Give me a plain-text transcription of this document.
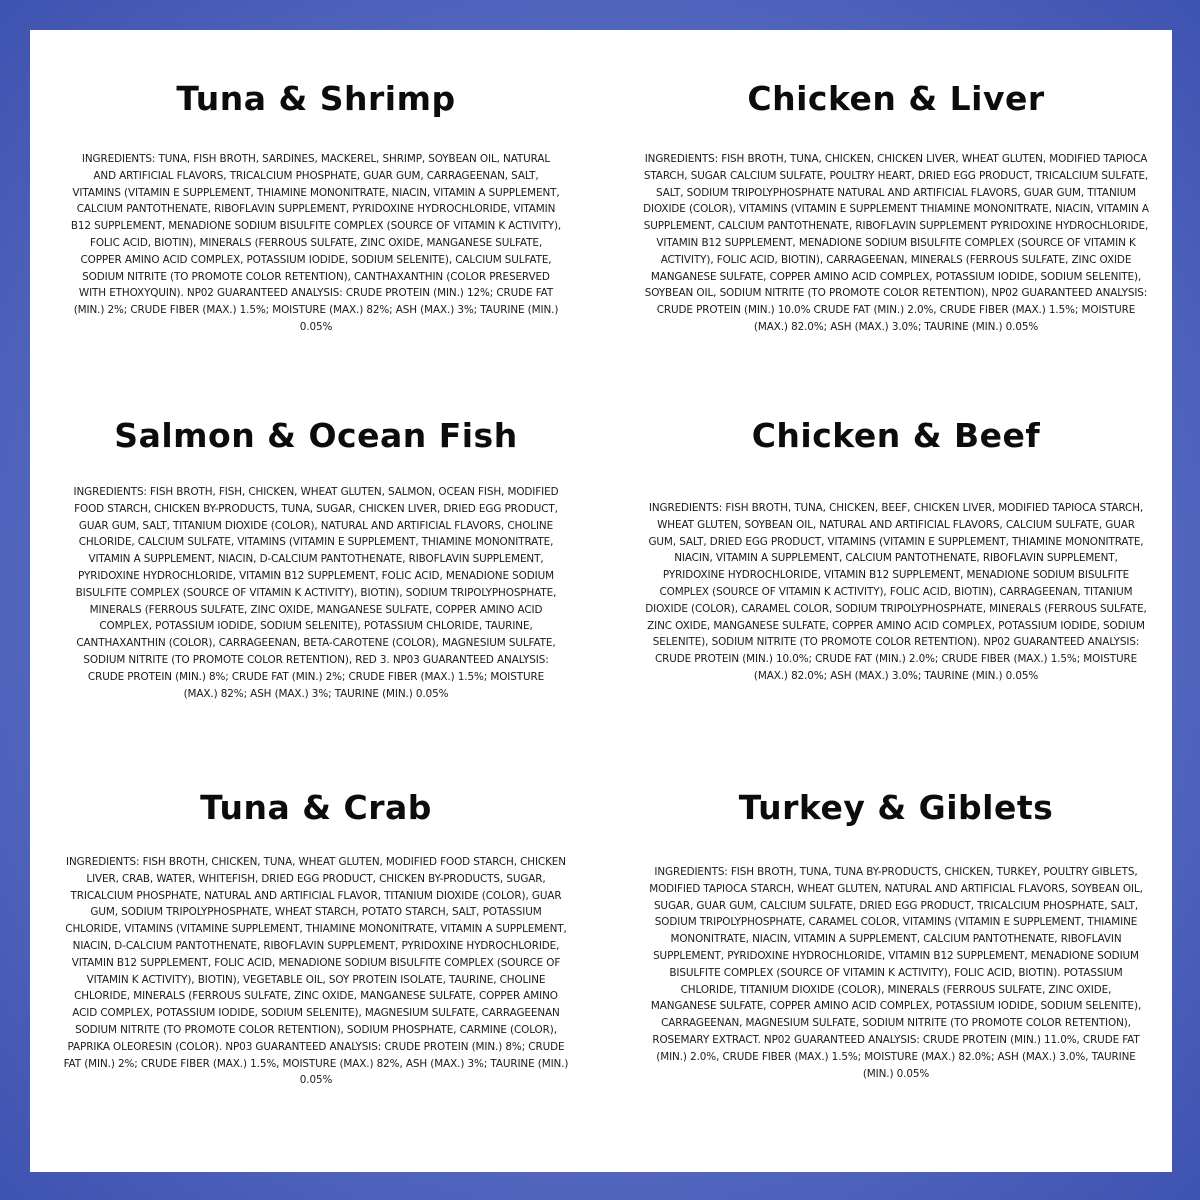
Tuna & Shrimp

INGREDIENTS: TUNA, FISH BROTH, SARDINES, MACKEREL, SHRIMP, SOYBEAN OIL, NATURAL AND ARTIFICIAL FLAVORS, TRICALCIUM PHOSPHATE, GUAR GUM, CARRAGEENAN, SALT, VITAMINS (VITAMIN E SUPPLEMENT, THIAMINE MONONITRATE, NIACIN, VITAMIN A SUPPLEMENT, CALCIUM PANTOTHENATE, RIBOFLAVIN SUPPLEMENT, PYRIDOXINE HYDROCHLORIDE, VITAMIN B12 SUPPLEMENT, MENADIONE SODIUM BISULFITE COMPLEX (SOURCE OF VITAMIN K ACTIVITY), FOLIC ACID, BIOTIN), MINERALS (FERROUS SULFATE, ZINC OXIDE, MANGANESE SULFATE, COPPER AMINO ACID COMPLEX, POTASSIUM IODIDE, SODIUM SELENITE), CALCIUM SULFATE, SODIUM NITRITE (TO PROMOTE COLOR RETENTION), CANTHAXANTHIN (COLOR PRESERVED WITH ETHOXYQUIN). NP02 GUARANTEED ANALYSIS: CRUDE PROTEIN (MIN.) 12%; CRUDE FAT (MIN.) 2%; CRUDE FIBER (MAX.) 1.5%; MOISTURE (MAX.) 82%; ASH (MAX.) 3%; TAURINE (MIN.) 0.05%

Chicken & Liver

INGREDIENTS: FISH BROTH, TUNA, CHICKEN, CHICKEN LIVER, WHEAT GLUTEN, MODIFIED TAPIOCA STARCH, SUGAR CALCIUM SULFATE, POULTRY HEART, DRIED EGG PRODUCT, TRICALCIUM SULFATE, SALT, SODIUM TRIPOLYPHOSPHATE NATURAL AND ARTIFICIAL FLAVORS, GUAR GUM, TITANIUM DIOXIDE (COLOR), VITAMINS (VITAMIN E SUPPLEMENT THIAMINE MONONITRATE, NIACIN, VITAMIN A SUPPLEMENT, CALCIUM PANTOTHENATE, RIBOFLAVIN SUPPLEMENT PYRIDOXINE HYDROCHLORIDE, VITAMIN B12 SUPPLEMENT, MENADIONE SODIUM BISULFITE COMPLEX (SOURCE OF VITAMIN K ACTIVITY), FOLIC ACID, BIOTIN), CARRAGEENAN, MINERALS (FERROUS SULFATE, ZINC OXIDE MANGANESE SULFATE, COPPER AMINO ACID COMPLEX, POTASSIUM IODIDE, SODIUM SELENITE), SOYBEAN OIL, SODIUM NITRITE (TO PROMOTE COLOR RETENTION), NP02 GUARANTEED ANALYSIS: CRUDE PROTEIN (MIN.) 10.0% CRUDE FAT (MIN.) 2.0%, CRUDE FIBER (MAX.) 1.5%; MOISTURE (MAX.) 82.0%; ASH (MAX.) 3.0%; TAURINE (MIN.) 0.05%

Salmon & Ocean Fish

INGREDIENTS: FISH BROTH, FISH, CHICKEN, WHEAT GLUTEN, SALMON, OCEAN FISH, MODIFIED FOOD STARCH, CHICKEN BY-PRODUCTS, TUNA, SUGAR, CHICKEN LIVER, DRIED EGG PRODUCT, GUAR GUM, SALT, TITANIUM DIOXIDE (COLOR), NATURAL AND ARTIFICIAL FLAVORS, CHOLINE CHLORIDE, CALCIUM SULFATE, VITAMINS (VITAMIN E SUPPLEMENT, THIAMINE MONONITRATE, VITAMIN A SUPPLEMENT, NIACIN, D-CALCIUM PANTOTHENATE, RIBOFLAVIN SUPPLEMENT, PYRIDOXINE HYDROCHLORIDE, VITAMIN B12 SUPPLEMENT, FOLIC ACID, MENADIONE SODIUM BISULFITE COMPLEX (SOURCE OF VITAMIN K ACTIVITY), BIOTIN), SODIUM TRIPOLYPHOSPHATE, MINERALS (FERROUS SULFATE, ZINC OXIDE, MANGANESE SULFATE, COPPER AMINO ACID COMPLEX, POTASSIUM IODIDE, SODIUM SELENITE), POTASSIUM CHLORIDE, TAURINE, CANTHAXANTHIN (COLOR), CARRAGEENAN, BETA-CAROTENE (COLOR), MAGNESIUM SULFATE, SODIUM NITRITE (TO PROMOTE COLOR RETENTION), RED 3. NP03 GUARANTEED ANALYSIS: CRUDE PROTEIN (MIN.) 8%; CRUDE FAT (MIN.) 2%; CRUDE FIBER (MAX.) 1.5%; MOISTURE (MAX.) 82%; ASH (MAX.) 3%; TAURINE (MIN.) 0.05%

Chicken & Beef

INGREDIENTS: FISH BROTH, TUNA, CHICKEN, BEEF, CHICKEN LIVER, MODIFIED TAPIOCA STARCH, WHEAT GLUTEN, SOYBEAN OIL, NATURAL AND ARTIFICIAL FLAVORS, CALCIUM SULFATE, GUAR GUM, SALT, DRIED EGG PRODUCT, VITAMINS (VITAMIN E SUPPLEMENT, THIAMINE MONONITRATE, NIACIN, VITAMIN A SUPPLEMENT, CALCIUM PANTOTHENATE, RIBOFLAVIN SUPPLEMENT, PYRIDOXINE HYDROCHLORIDE, VITAMIN B12 SUPPLEMENT, MENADIONE SODIUM BISULFITE COMPLEX (SOURCE OF VITAMIN K ACTIVITY), FOLIC ACID, BIOTIN), CARRAGEENAN, TITANIUM DIOXIDE (COLOR), CARAMEL COLOR, SODIUM TRIPOLYPHOSPHATE, MINERALS (FERROUS SULFATE, ZINC OXIDE, MANGANESE SULFATE, COPPER AMINO ACID COMPLEX, POTASSIUM IODIDE, SODIUM SELENITE), SODIUM NITRITE (TO PROMOTE COLOR RETENTION). NP02 GUARANTEED ANALYSIS: CRUDE PROTEIN (MIN.) 10.0%; CRUDE FAT (MIN.) 2.0%; CRUDE FIBER (MAX.) 1.5%; MOISTURE (MAX.) 82.0%; ASH (MAX.) 3.0%; TAURINE (MIN.) 0.05%

Tuna & Crab

INGREDIENTS: FISH BROTH, CHICKEN, TUNA, WHEAT GLUTEN, MODIFIED FOOD STARCH, CHICKEN LIVER, CRAB, WATER, WHITEFISH, DRIED EGG PRODUCT, CHICKEN BY-PRODUCTS, SUGAR, TRICALCIUM PHOSPHATE, NATURAL AND ARTIFICIAL FLAVOR, TITANIUM DIOXIDE (COLOR), GUAR GUM, SODIUM TRIPOLYPHOSPHATE, WHEAT STARCH, POTATO STARCH, SALT, POTASSIUM CHLORIDE, VITAMINS (VITAMINE SUPPLEMENT, THIAMINE MONONITRATE, VITAMIN A SUPPLEMENT, NIACIN, D-CALCIUM PANTOTHENATE, RIBOFLAVIN SUPPLEMENT, PYRIDOXINE HYDROCHLORIDE, VITAMIN B12 SUPPLEMENT, FOLIC ACID, MENADIONE SODIUM BISULFITE COMPLEX (SOURCE OF VITAMIN K ACTIVITY), BIOTIN), VEGETABLE OIL, SOY PROTEIN ISOLATE, TAURINE, CHOLINE CHLORIDE, MINERALS (FERROUS SULFATE, ZINC OXIDE, MANGANESE SULFATE, COPPER AMINO ACID COMPLEX, POTASSIUM IODIDE, SODIUM SELENITE), MAGNESIUM SULFATE, CARRAGEENAN SODIUM NITRITE (TO PROMOTE COLOR RETENTION), SODIUM PHOSPHATE, CARMINE (COLOR), PAPRIKA OLEORESIN (COLOR). NP03 GUARANTEED ANALYSIS: CRUDE PROTEIN (MIN.) 8%; CRUDE FAT (MIN.) 2%; CRUDE FIBER (MAX.) 1.5%, MOISTURE (MAX.) 82%, ASH (MAX.) 3%; TAURINE (MIN.) 0.05%

Turkey & Giblets

INGREDIENTS: FISH BROTH, TUNA, TUNA BY-PRODUCTS, CHICKEN, TURKEY, POULTRY GIBLETS, MODIFIED TAPIOCA STARCH, WHEAT GLUTEN, NATURAL AND ARTIFICIAL FLAVORS, SOYBEAN OIL, SUGAR, GUAR GUM, CALCIUM SULFATE, DRIED EGG PRODUCT, TRICALCIUM PHOSPHATE, SALT, SODIUM TRIPOLYPHOSPHATE, CARAMEL COLOR, VITAMINS (VITAMIN E SUPPLEMENT, THIAMINE MONONITRATE, NIACIN, VITAMIN A SUPPLEMENT, CALCIUM PANTOTHENATE, RIBOFLAVIN SUPPLEMENT, PYRIDOXINE HYDROCHLORIDE, VITAMIN B12 SUPPLEMENT, MENADIONE SODIUM BISULFITE COMPLEX (SOURCE OF VITAMIN K ACTIVITY), FOLIC ACID, BIOTIN). POTASSIUM CHLORIDE, TITANIUM DIOXIDE (COLOR), MINERALS (FERROUS SULFATE, ZINC OXIDE, MANGANESE SULFATE, COPPER AMINO ACID COMPLEX, POTASSIUM IODIDE, SODIUM SELENITE), CARRAGEENAN, MAGNESIUM SULFATE, SODIUM NITRITE (TO PROMOTE COLOR RETENTION), ROSEMARY EXTRACT. NP02 GUARANTEED ANALYSIS: CRUDE PROTEIN (MIN.) 11.0%, CRUDE FAT (MIN.) 2.0%, CRUDE FIBER (MAX.) 1.5%; MOISTURE (MAX.) 82.0%; ASH (MAX.) 3.0%, TAURINE (MIN.) 0.05%
